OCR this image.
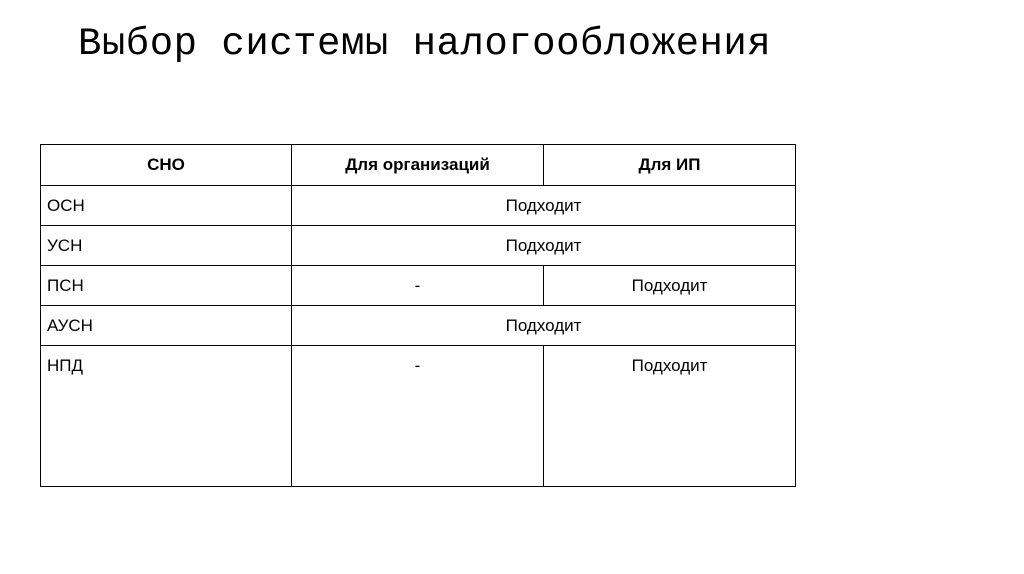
Выбор системы налогообложения
СНО	Для организаций	Для ИП
ОСН	Подходит	
УСН	Подходит	
ПСН	-	Подходит
АУСН	Подходит	
НПД	-	Подходит
